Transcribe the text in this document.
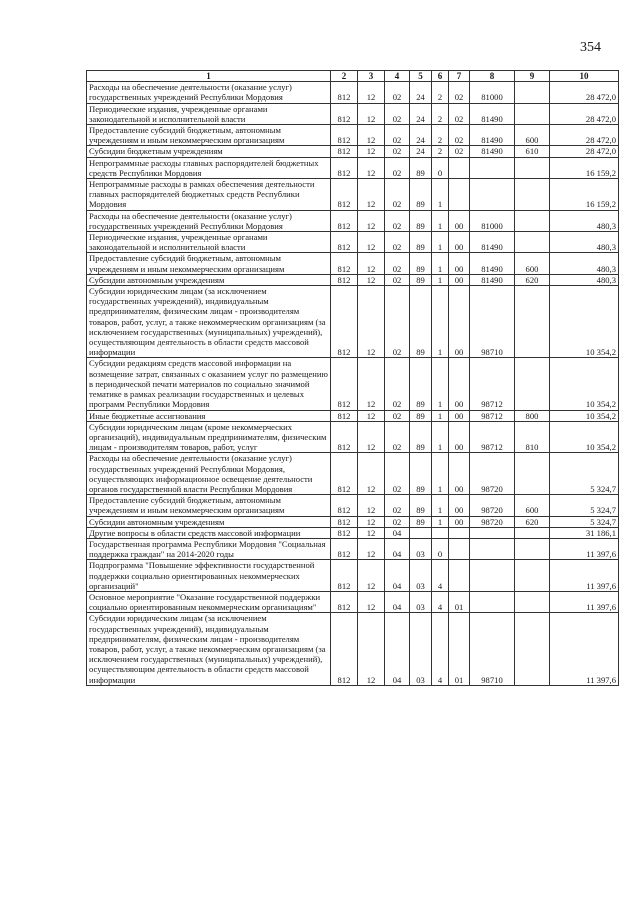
354
1	2	3	4	5	6	7	8	9	10
Расходы на обеспечение деятельности (оказание услуг) государственных учреждений Республики Мордовия	812	12	02	24	2	02	81000		28 472,0
Периодические издания, учрежденные органами законодательной и исполнительной власти	812	12	02	24	2	02	81490		28 472,0
Предоставление субсидий бюджетным, автономным учреждениям и иным некоммерческим организациям	812	12	02	24	2	02	81490	600	28 472,0
Субсидии бюджетным учреждениям	812	12	02	24	2	02	81490	610	28 472,0
Непрограммные расходы главных распорядителей бюджетных средств Республики Мордовия	812	12	02	89	0				16 159,2
Непрограммные расходы в рамках обеспечения деятельности главных распорядителей бюджетных средств Республики Мордовия	812	12	02	89	1				16 159,2
Расходы на обеспечение деятельности (оказание услуг) государственных учреждений Республики Мордовия	812	12	02	89	1	00	81000		480,3
Периодические издания, учрежденные органами законодательной и исполнительной власти	812	12	02	89	1	00	81490		480,3
Предоставление субсидий бюджетным, автономным учреждениям и иным некоммерческим организациям	812	12	02	89	1	00	81490	600	480,3
Субсидии автономным учреждениям	812	12	02	89	1	00	81490	620	480,3
Субсидии юридическим лицам (за исключением государственных учреждений), индивидуальным предпринимателям, физическим лицам - производителям товаров, работ, услуг, а также некоммерческим организациям (за исключением государственных (муниципальных) учреждений), осуществляющим деятельность в области средств массовой информации	812	12	02	89	1	00	98710		10 354,2
Субсидии редакциям средств массовой информации на возмещение затрат, связанных с оказанием услуг по размещению в периодической печати материалов по социально значимой тематике в рамках реализации государственных и целевых программ Республики Мордовия	812	12	02	89	1	00	98712		10 354,2
Иные бюджетные ассигнования	812	12	02	89	1	00	98712	800	10 354,2
Субсидии юридическим лицам (кроме некоммерческих организаций), индивидуальным предпринимателям, физическим лицам - производителям товаров, работ, услуг	812	12	02	89	1	00	98712	810	10 354,2
Расходы на обеспечение деятельности (оказание услуг) государственных учреждений Республики Мордовия, осуществляющих информационное освещение деятельности органов государственной власти Республики Мордовия	812	12	02	89	1	00	98720		5 324,7
Предоставление субсидий бюджетным, автономным учреждениям и иным некоммерческим организациям	812	12	02	89	1	00	98720	600	5 324,7
Субсидии автономным учреждениям	812	12	02	89	1	00	98720	620	5 324,7
Другие вопросы в области средств массовой информации	812	12	04						31 186,1
Государственная программа Республики Мордовия "Социальная поддержка граждан" на 2014-2020 годы	812	12	04	03	0				11 397,6
Подпрограмма "Повышение эффективности государственной поддержки социально ориентированных некоммерческих организаций"	812	12	04	03	4				11 397,6
Основное мероприятие "Оказание государственной поддержки социально ориентированным некоммерческим организациям"	812	12	04	03	4	01			11 397,6
Субсидии юридическим лицам (за исключением государственных учреждений), индивидуальным предпринимателям, физическим лицам - производителям товаров, работ, услуг, а также некоммерческим организациям (за исключением государственных (муниципальных) учреждений), осуществляющим деятельность в области средств массовой информации	812	12	04	03	4	01	98710		11 397,6
